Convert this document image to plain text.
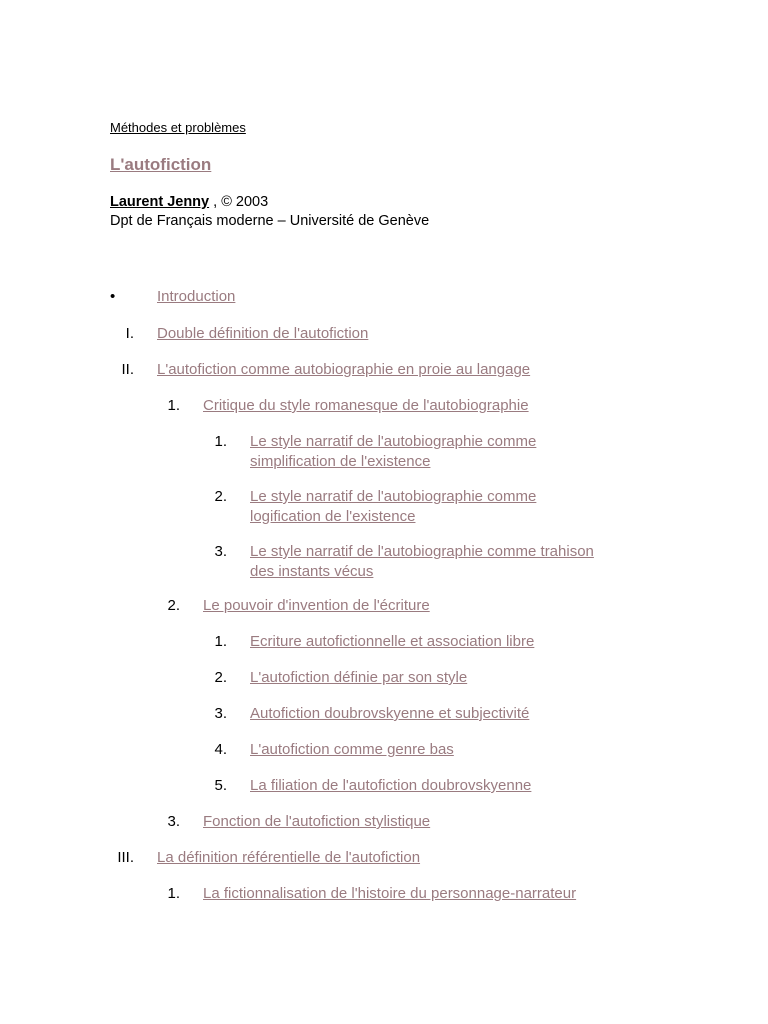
Méthodes et problèmes
L'autofiction
Laurent Jenny , © 2003
Dpt de Français moderne – Université de Genève
•	Introduction
I. Double définition de l'autofiction
II. L'autofiction comme autobiographie en proie au langage
1. Critique du style romanesque de l'autobiographie
1. Le style narratif de l'autobiographie comme
simplification de l'existence
2. Le style narratif de l'autobiographie comme
logification de l'existence
3. Le style narratif de l'autobiographie comme trahison
des instants vécus
2. Le pouvoir d'invention de l'écriture
1. Ecriture autofictionnelle et association libre
2. L'autofiction définie par son style
3. Autofiction doubrovskyenne et subjectivité
4. L'autofiction comme genre bas
5. La filiation de l'autofiction doubrovskyenne
3. Fonction de l'autofiction stylistique
III. La définition référentielle de l'autofiction
1. La fictionnalisation de l'histoire du personnage-narrateur
